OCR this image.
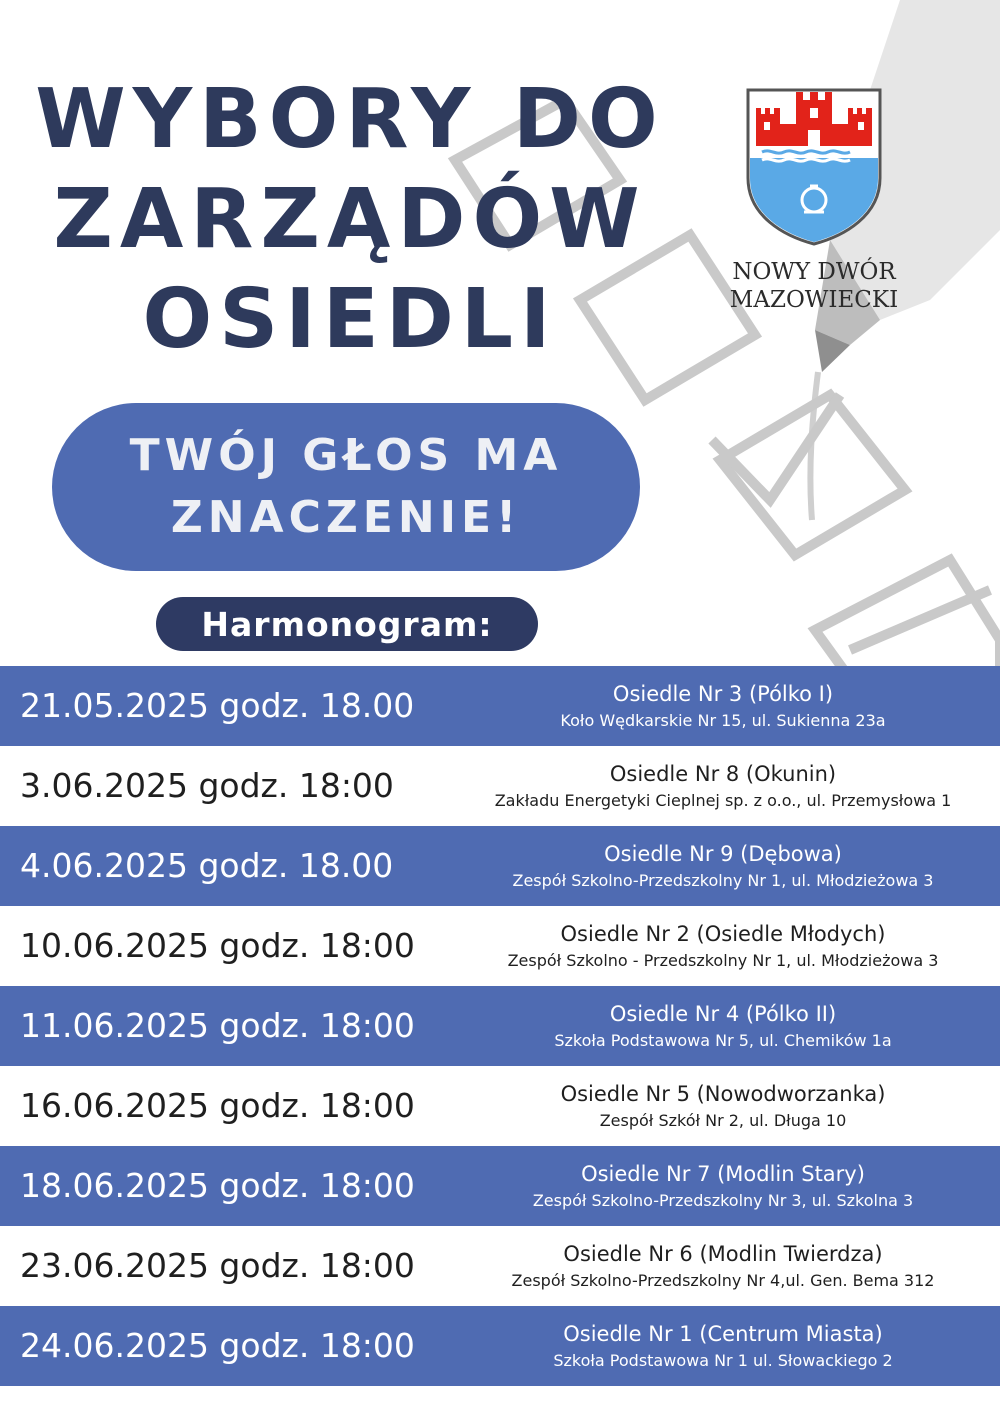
WYBORY DO
ZARZĄDÓW
OSIEDLI	NOWY DWÓR
MAZOWIECKI
TWÓJ GŁOS MA
ZNACZENIE!
Harmonogram:
21.05.2025 godz. 18.00	Osiedle Nr 3 (Pólko I)
Koło Wędkarskie Nr 15, ul. Sukienna 23a
3.06.2025 godz. 18:00	Osiedle Nr 8 (Okunin)
Zakładu Energetyki Cieplnej sp. z o.o., ul. Przemysłowa 1
4.06.2025 godz. 18.00	Osiedle Nr 9 (Dębowa)
Zespół Szkolno-Przedszkolny Nr 1, ul. Młodzieżowa 3
10.06.2025 godz. 18:00	Osiedle Nr 2 (Osiedle Młodych)
Zespół Szkolno - Przedszkolny Nr 1, ul. Młodzieżowa 3
11.06.2025 godz. 18:00	Osiedle Nr 4 (Pólko II)
Szkoła Podstawowa Nr 5, ul. Chemików 1a
16.06.2025 godz. 18:00	Osiedle Nr 5 (Nowodworzanka)
Zespół Szkół Nr 2, ul. Długa 10
18.06.2025 godz. 18:00	Osiedle Nr 7 (Modlin Stary)
Zespół Szkolno-Przedszkolny Nr 3, ul. Szkolna 3
23.06.2025 godz. 18:00	Osiedle Nr 6 (Modlin Twierdza)
Zespół Szkolno-Przedszkolny Nr 4,ul. Gen. Bema 312
24.06.2025 godz. 18:00	Osiedle Nr 1 (Centrum Miasta)
Szkoła Podstawowa Nr 1 ul. Słowackiego 2
